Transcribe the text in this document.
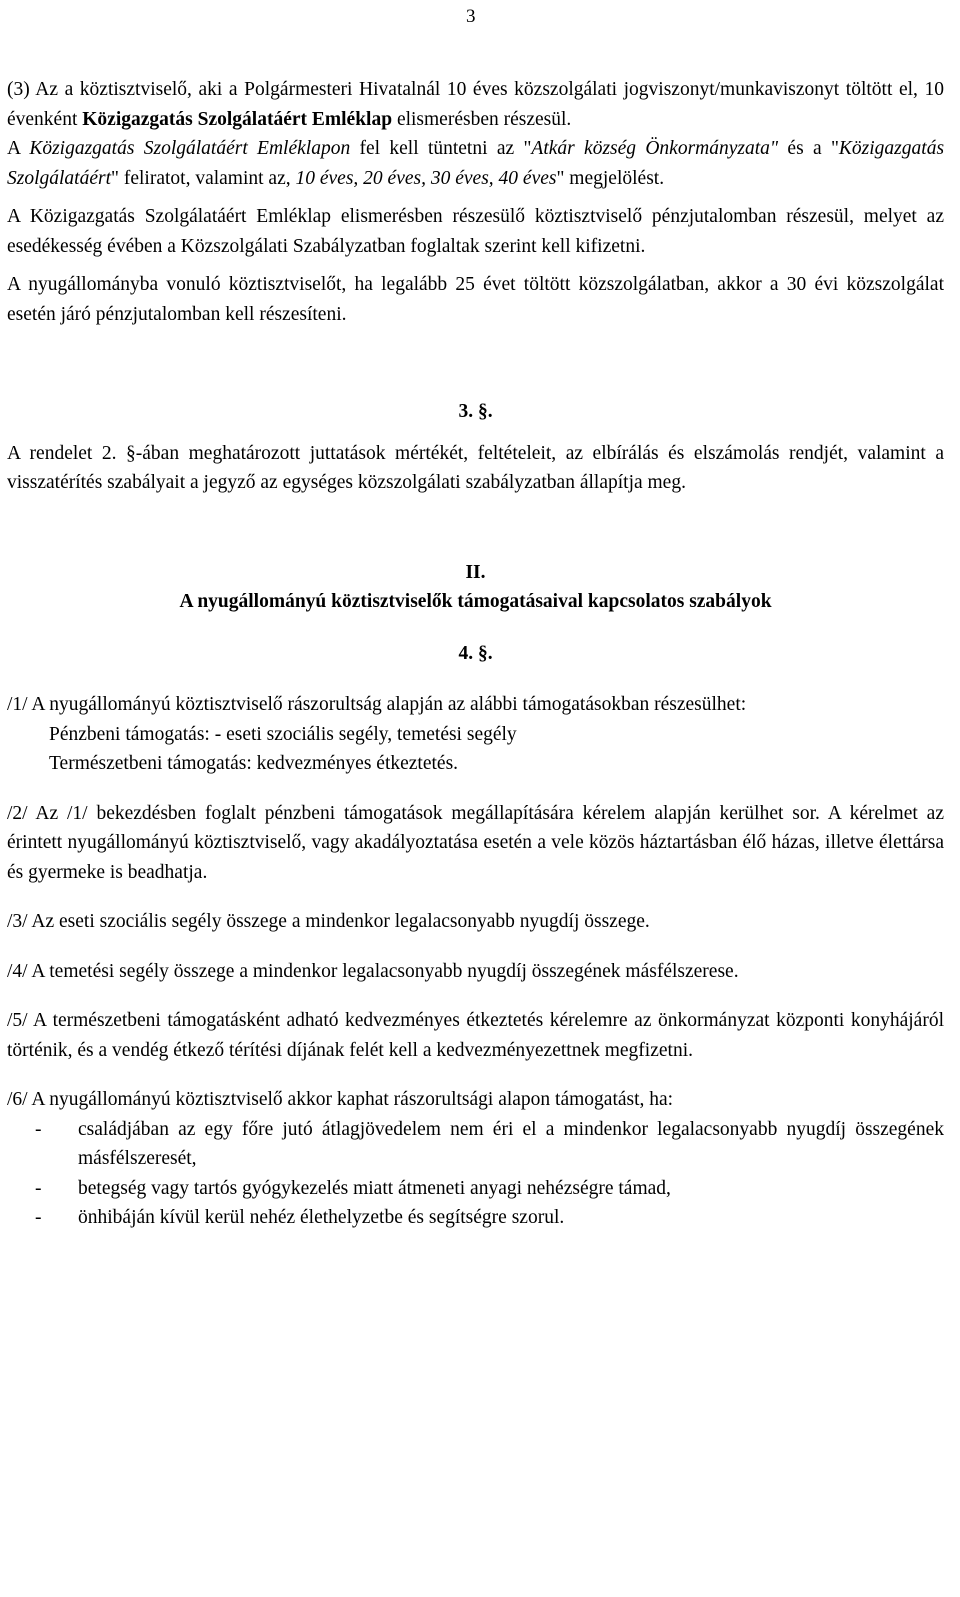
3

(3) Az a köztisztviselő, aki a Polgármesteri Hivatalnál 10 éves közszolgálati jogviszonyt/munkaviszonyt töltött el, 10 évenként Közigazgatás Szolgálatáért Emléklap elismerésben részesül.

A Közigazgatás Szolgálatáért Emléklapon fel kell tüntetni az "Atkár község Önkormányzata" és a "Közigazgatás Szolgálatáért" feliratot, valamint az, 10 éves, 20 éves, 30 éves, 40 éves" megjelölést.

A Közigazgatás Szolgálatáért Emléklap elismerésben részesülő köztisztviselő pénzjutalomban részesül, melyet az esedékesség évében a Közszolgálati Szabályzatban foglaltak szerint kell kifizetni.

A nyugállományba vonuló köztisztviselőt, ha legalább 25 évet töltött közszolgálatban, akkor a 30 évi közszolgálat esetén járó pénzjutalomban kell részesíteni.

3. §.

A rendelet 2. §-ában meghatározott juttatások mértékét, feltételeit, az elbírálás és elszámolás rendjét, valamint a visszatérítés szabályait a jegyző az egységes közszolgálati szabályzatban állapítja meg.

II.

A nyugállományú köztisztviselők támogatásaival kapcsolatos szabályok

4. §.

/1/ A nyugállományú köztisztviselő rászorultság alapján az alábbi támogatásokban részesülhet:

Pénzbeni támogatás: - eseti szociális segély, temetési segély

Természetbeni támogatás: kedvezményes étkeztetés.

/2/ Az /1/ bekezdésben foglalt pénzbeni támogatások megállapítására kérelem alapján kerülhet sor. A kérelmet az érintett nyugállományú köztisztviselő, vagy akadályoztatása esetén a vele közös háztartásban élő házas, illetve élettársa és gyermeke is beadhatja.

/3/ Az eseti szociális segély összege a mindenkor legalacsonyabb nyugdíj összege.

/4/ A temetési segély összege a mindenkor legalacsonyabb nyugdíj összegének másfélszerese.

/5/ A természetbeni támogatásként adható kedvezményes étkeztetés kérelemre az önkormányzat központi konyhájáról történik, és a vendég étkező térítési díjának felét kell a kedvezményezettnek megfizetni.

/6/ A nyugállományú köztisztviselő akkor kaphat rászorultsági alapon támogatást, ha:

- családjában az egy főre jutó átlagjövedelem nem éri el a mindenkor legalacsonyabb nyugdíj összegének másfélszeresét,
- betegség vagy tartós gyógykezelés miatt átmeneti anyagi nehézségre támad,
- önhibáján kívül kerül nehéz élethelyzetbe és segítségre szorul.
